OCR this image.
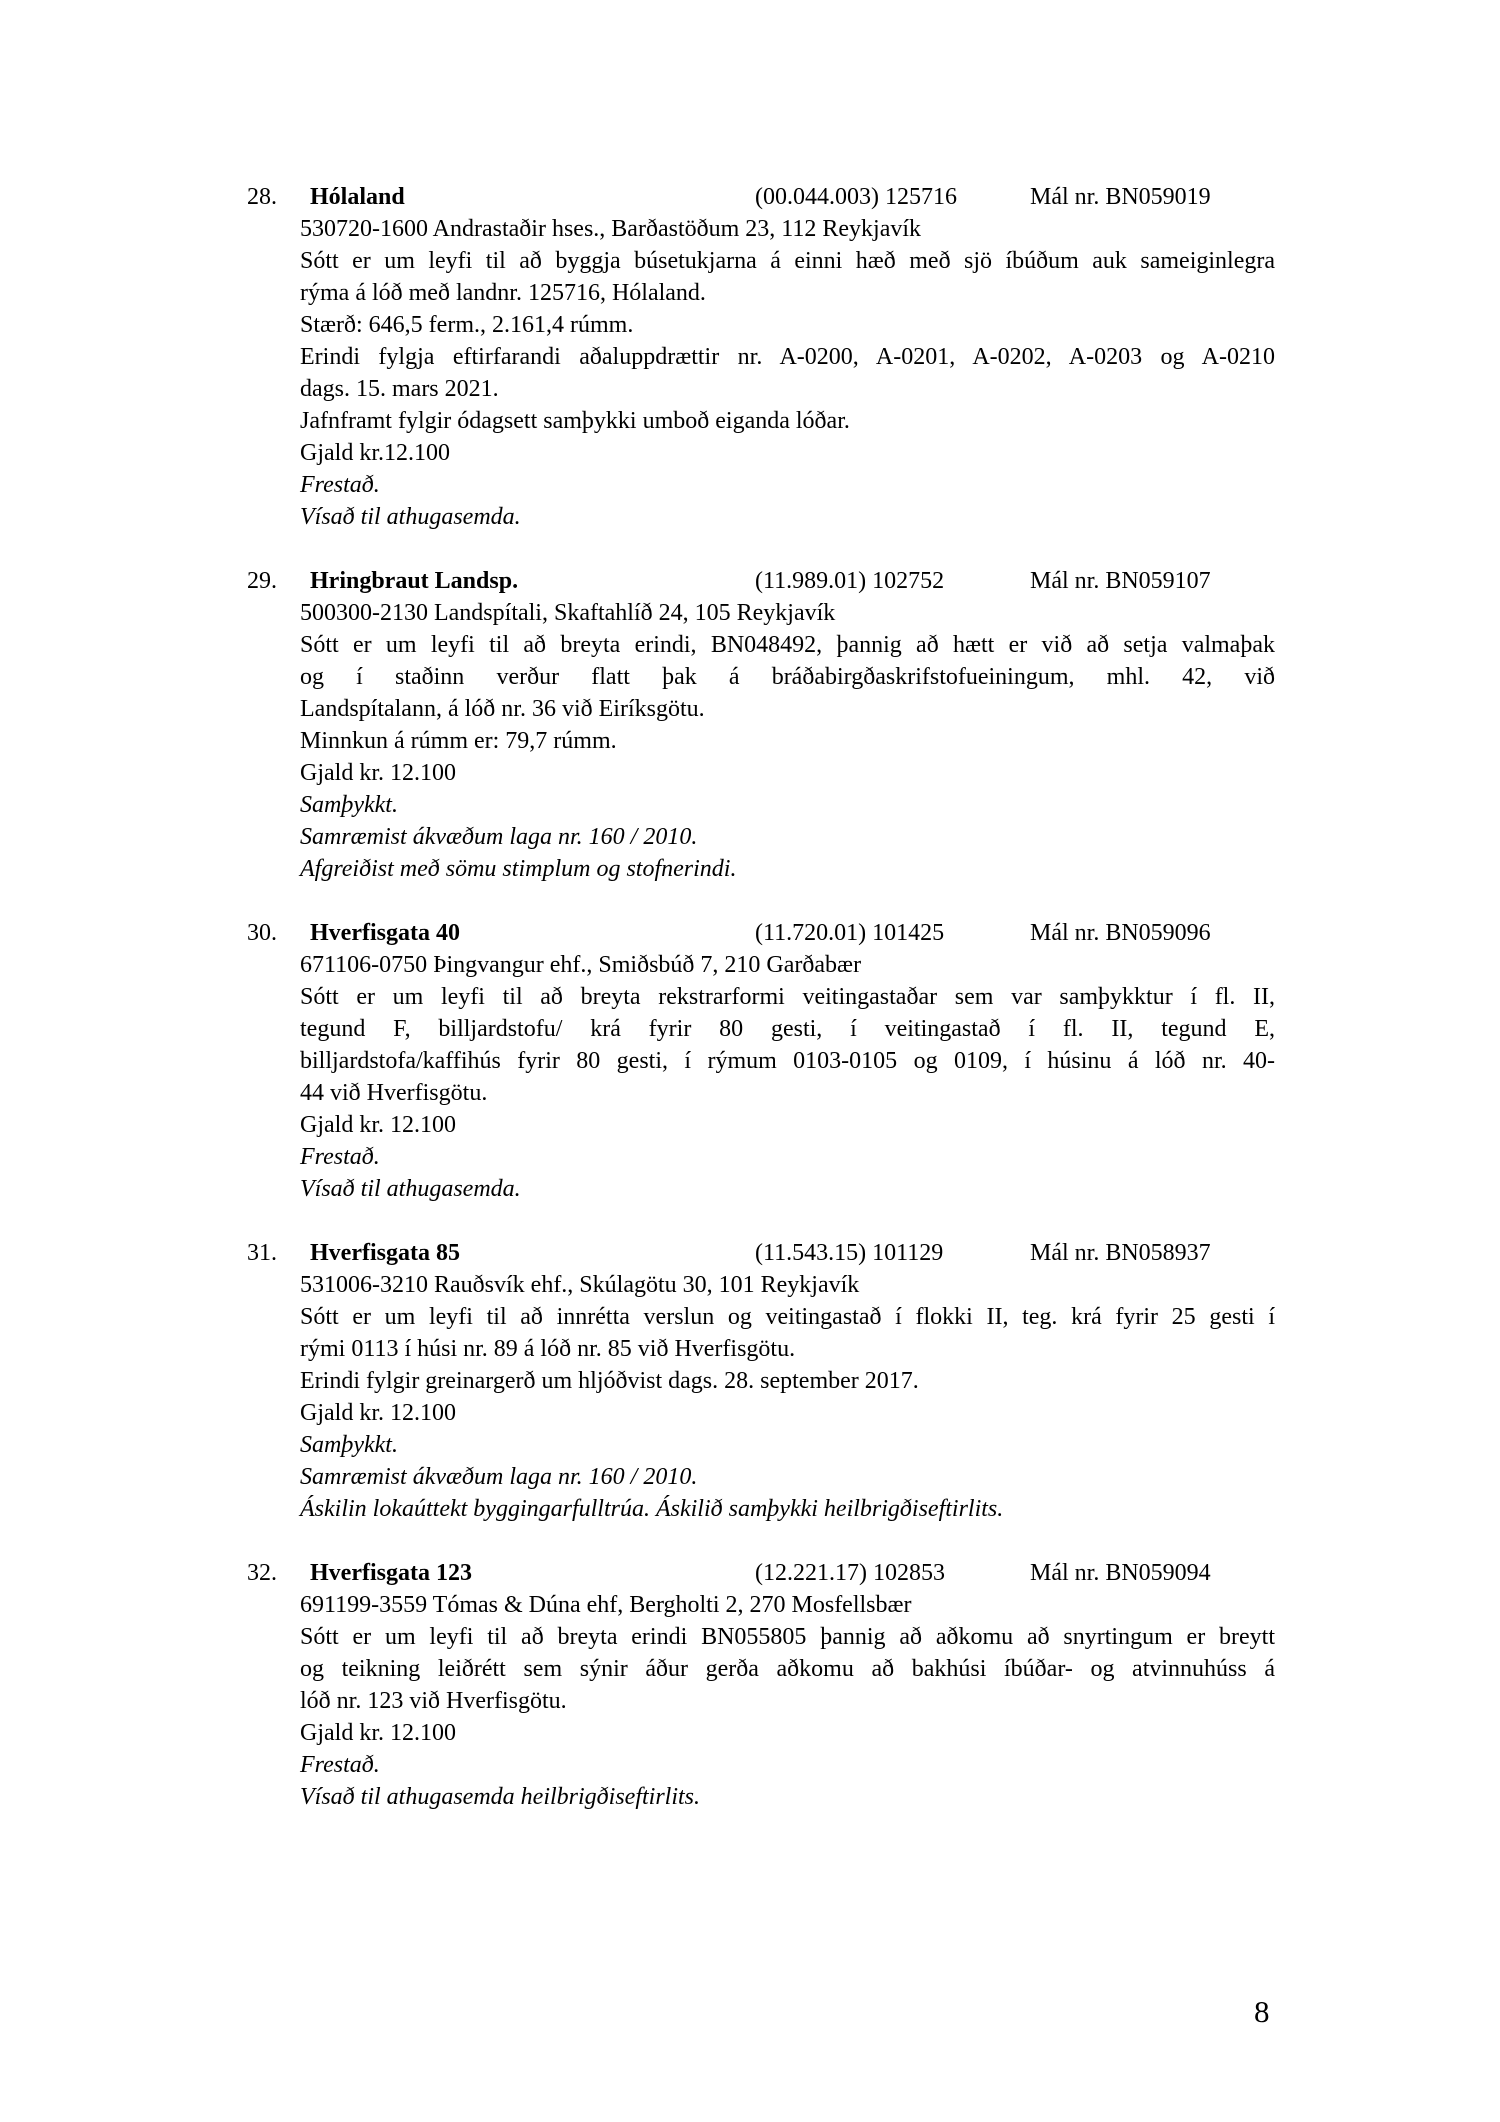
28. Hólaland	(00.044.003) 125716	Mál nr. BN059019
530720-1600 Andrastaðir hses., Barðastöðum 23, 112 Reykjavík
Sótt er um leyfi til að byggja búsetukjarna á einni hæð með sjö íbúðum auk sameiginlegra
rýma á lóð með landnr. 125716, Hólaland.
Stærð: 646,5 ferm., 2.161,4 rúmm.
Erindi fylgja eftirfarandi aðaluppdrættir nr. A-0200, A-0201, A-0202, A-0203 og A-0210
dags. 15. mars 2021.
Jafnframt fylgir ódagsett samþykki umboð eiganda lóðar.
Gjald kr.12.100
Frestað.
Vísað til athugasemda.
29. Hringbraut Landsp.	(11.989.01) 102752	Mál nr. BN059107
500300-2130 Landspítali, Skaftahlíð 24, 105 Reykjavík
Sótt er um leyfi til að breyta erindi, BN048492, þannig að hætt er við að setja valmaþak
og í staðinn verður flatt þak á bráðabirgðaskrifstofueiningum, mhl. 42, við
Landspítalann, á lóð nr. 36 við Eiríksgötu.
Minnkun á rúmm er: 79,7 rúmm.
Gjald kr. 12.100
Samþykkt.
Samræmist ákvæðum laga nr. 160 / 2010.
Afgreiðist með sömu stimplum og stofnerindi.
30. Hverfisgata 40	(11.720.01) 101425	Mál nr. BN059096
671106-0750 Þingvangur ehf., Smiðsbúð 7, 210 Garðabær
Sótt er um leyfi til að breyta rekstrarformi veitingastaðar sem var samþykktur í fl. II,
tegund F, billjardstofu/ krá fyrir 80 gesti, í veitingastað í fl. II, tegund E,
billjardstofa/kaffihús fyrir 80 gesti, í rýmum 0103-0105 og 0109, í húsinu á lóð nr. 40-
44 við Hverfisgötu.
Gjald kr. 12.100
Frestað.
Vísað til athugasemda.
31. Hverfisgata 85	(11.543.15) 101129	Mál nr. BN058937
531006-3210 Rauðsvík ehf., Skúlagötu 30, 101 Reykjavík
Sótt er um leyfi til að innrétta verslun og veitingastað í flokki II, teg. krá fyrir 25 gesti í
rými 0113 í húsi nr. 89 á lóð nr. 85 við Hverfisgötu.
Erindi fylgir greinargerð um hljóðvist dags. 28. september 2017.
Gjald kr. 12.100
Samþykkt.
Samræmist ákvæðum laga nr. 160 / 2010.
Áskilin lokaúttekt byggingarfulltrúa. Áskilið samþykki heilbrigðiseftirlits.
32. Hverfisgata 123	(12.221.17) 102853	Mál nr. BN059094
691199-3559 Tómas & Dúna ehf, Bergholti 2, 270 Mosfellsbær
Sótt er um leyfi til að breyta erindi BN055805 þannig að aðkomu að snyrtingum er breytt
og teikning leiðrétt sem sýnir áður gerða aðkomu að bakhúsi íbúðar- og atvinnuhúss á
lóð nr. 123 við Hverfisgötu.
Gjald kr. 12.100
Frestað.
Vísað til athugasemda heilbrigðiseftirlits.
8
